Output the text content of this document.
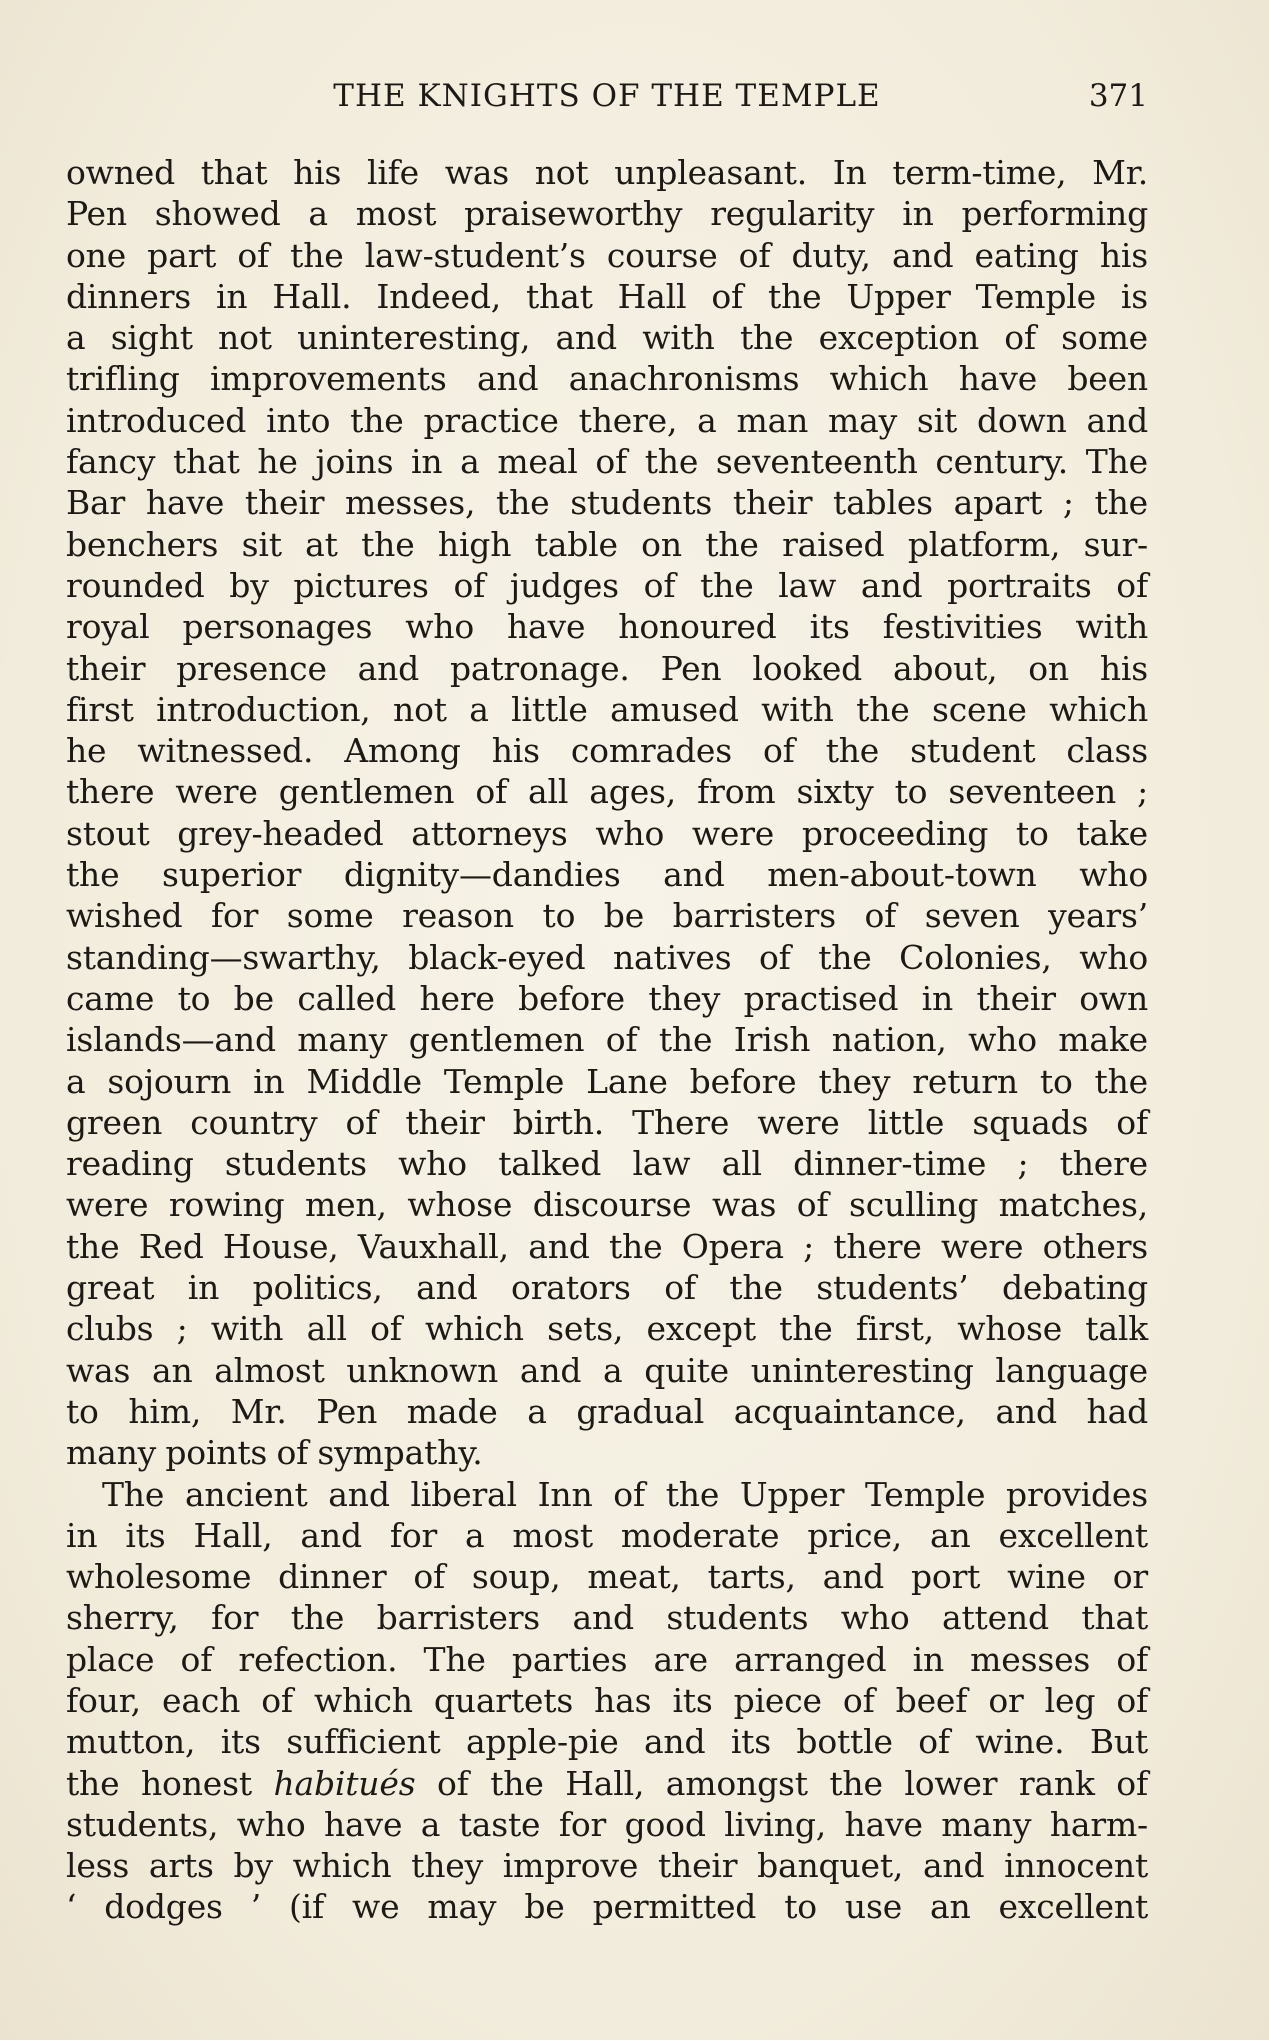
THE KNIGHTS OF THE TEMPLE	371
owned that his life was not unpleasant. In term-time, Mr.
Pen showed a most praiseworthy regularity in performing
one part of the law-student’s course of duty, and eating his
dinners in Hall. Indeed, that Hall of the Upper Temple is
a sight not uninteresting, and with the exception of some
trifling improvements and anachronisms which have been
introduced into the practice there, a man may sit down and
fancy that he joins in a meal of the seventeenth century. The
Bar have their messes, the students their tables apart ; the
benchers sit at the high table on the raised platform, sur-
rounded by pictures of judges of the law and portraits of
royal personages who have honoured its festivities with
their presence and patronage. Pen looked about, on his
first introduction, not a little amused with the scene which
he witnessed. Among his comrades of the student class
there were gentlemen of all ages, from sixty to seventeen ;
stout grey-headed attorneys who were proceeding to take
the superior dignity—dandies and men-about-town who
wished for some reason to be barristers of seven years’
standing—swarthy, black-eyed natives of the Colonies, who
came to be called here before they practised in their own
islands—and many gentlemen of the Irish nation, who make
a sojourn in Middle Temple Lane before they return to the
green country of their birth. There were little squads of
reading students who talked law all dinner-time ; there
were rowing men, whose discourse was of sculling matches,
the Red House, Vauxhall, and the Opera ; there were others
great in politics, and orators of the students’ debating
clubs ; with all of which sets, except the first, whose talk
was an almost unknown and a quite uninteresting language
to him, Mr. Pen made a gradual acquaintance, and had
many points of sympathy.
The ancient and liberal Inn of the Upper Temple provides
in its Hall, and for a most moderate price, an excellent
wholesome dinner of soup, meat, tarts, and port wine or
sherry, for the barristers and students who attend that
place of refection. The parties are arranged in messes of
four, each of which quartets has its piece of beef or leg of
mutton, its sufficient apple-pie and its bottle of wine. But
the honest habitués of the Hall, amongst the lower rank of
students, who have a taste for good living, have many harm-
less arts by which they improve their banquet, and innocent
‘ dodges ’ (if we may be permitted to use an excellent
